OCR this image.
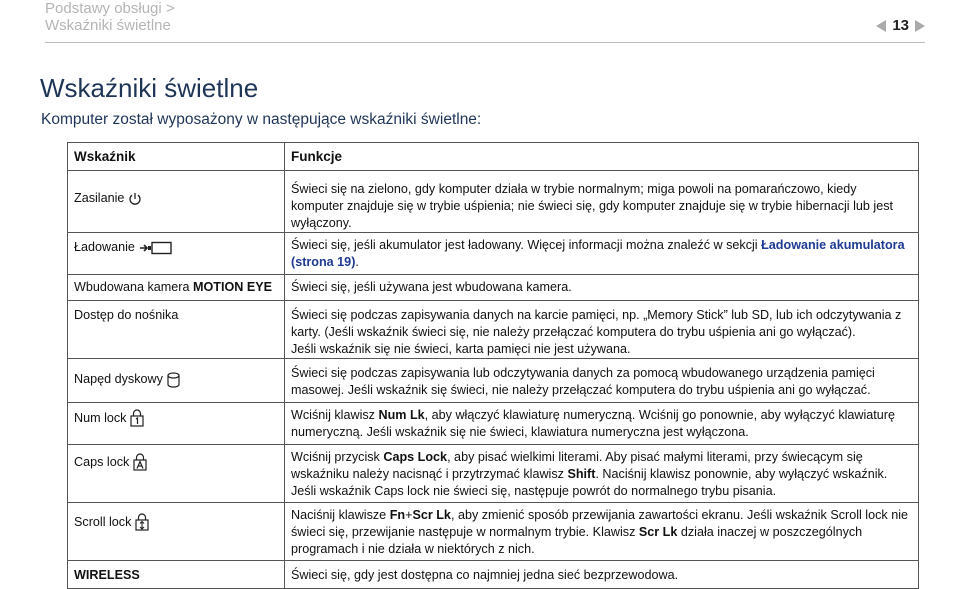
Podstawy obsługi >
Wskaźniki świetlne	13
Wskaźniki świetlne
Komputer został wyposażony w następujące wskaźniki świetlne:
Wskaźnik	Funkcje

Zasilanie	Świeci się na zielono, gdy komputer działa w trybie normalnym; miga powoli na pomarańczowo, kiedy komputer znajduje się w trybie uśpienia; nie świeci się, gdy komputer znajduje się w trybie hibernacji lub jest wyłączony.

Ładowanie	Świeci się, jeśli akumulator jest ładowany. Więcej informacji można znaleźć w sekcji Ładowanie akumulatora (strona 19).
Wbudowana kamera MOTION EYE	Świeci się, jeśli używana jest wbudowana kamera.
Dostęp do nośnika	Świeci się podczas zapisywania danych na karcie pamięci, np. „Memory Stick” lub SD, lub ich odczytywania z karty. (Jeśli wskaźnik świeci się, nie należy przełączać komputera do trybu uśpienia ani go wyłączać).
Jeśli wskaźnik się nie świeci, karta pamięci nie jest używana.

Napęd dyskowy	Świeci się podczas zapisywania lub odczytywania danych za pomocą wbudowanego urządzenia pamięci masowej. Jeśli wskaźnik się świeci, nie należy przełączać komputera do trybu uśpienia ani go wyłączać.

Num lock	Wciśnij klawisz Num Lk, aby włączyć klawiaturę numeryczną. Wciśnij go ponownie, aby wyłączyć klawiaturę numeryczną. Jeśli wskaźnik się nie świeci, klawiatura numeryczna jest wyłączona.

Caps lock	Wciśnij przycisk Caps Lock, aby pisać wielkimi literami. Aby pisać małymi literami, przy świecącym się wskaźniku należy nacisnąć i przytrzymać klawisz Shift. Naciśnij klawisz ponownie, aby wyłączyć wskaźnik. Jeśli wskaźnik Caps lock nie świeci się, następuje powrót do normalnego trybu pisania.

Scroll lock	Naciśnij klawisze Fn+Scr Lk, aby zmienić sposób przewijania zawartości ekranu. Jeśli wskaźnik Scroll lock nie świeci się, przewijanie następuje w normalnym trybie. Klawisz Scr Lk działa inaczej w poszczególnych programach i nie działa w niektórych z nich.
WIRELESS	Świeci się, gdy jest dostępna co najmniej jedna sieć bezprzewodowa.
